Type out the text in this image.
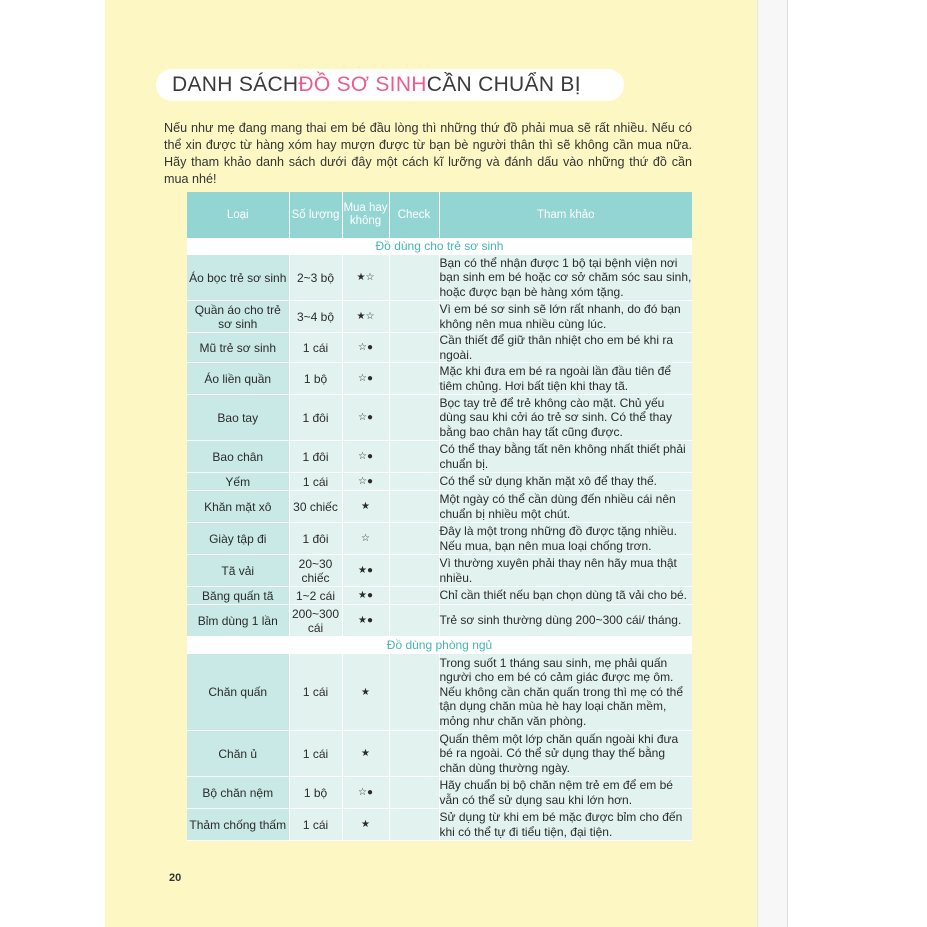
DANH SÁCH ĐỒ SƠ SINH CẦN CHUẨN BỊ
Nếu như mẹ đang mang thai em bé đầu lòng thì những thứ đồ phải mua sẽ rất nhiều. Nếu có thể xin được từ hàng xóm hay mượn được từ bạn bè người thân thì sẽ không cần mua nữa. Hãy tham khảo danh sách dưới đây một cách kĩ lưỡng và đánh dấu vào những thứ đồ cần mua nhé!
Loại	Số lượng	Mua hay không	Check	Tham khảo
Đồ dùng cho trẻ sơ sinh				
Áo bọc trẻ sơ sinh	2~3 bộ	★☆		Bạn có thể nhận được 1 bộ tại bệnh viện nơi bạn sinh em bé hoặc cơ sở chăm sóc sau sinh, hoặc được bạn bè hàng xóm tặng.
Quần áo cho trẻ sơ sinh	3~4 bộ	★☆		Vì em bé sơ sinh sẽ lớn rất nhanh, do đó bạn không nên mua nhiều cùng lúc.
Mũ trẻ sơ sinh	1 cái	☆●		Cần thiết để giữ thân nhiệt cho em bé khi ra ngoài.
Áo liền quần	1 bộ	☆●		Mặc khi đưa em bé ra ngoài lần đầu tiên để tiêm chủng. Hơi bất tiện khi thay tã.
Bao tay	1 đôi	☆●		Bọc tay trẻ để trẻ không cào mặt. Chủ yếu dùng sau khi cởi áo trẻ sơ sinh. Có thể thay bằng bao chân hay tất cũng được.
Bao chân	1 đôi	☆●		Có thể thay bằng tất nên không nhất thiết phải chuẩn bị.
Yếm	1 cái	☆●		Có thể sử dụng khăn mặt xô để thay thế.
Khăn mặt xô	30 chiếc	★		Một ngày có thể cần dùng đến nhiều cái nên chuẩn bị nhiều một chút.
Giày tập đi	1 đôi	☆		Đây là một trong những đồ được tặng nhiều. Nếu mua, bạn nên mua loại chống trơn.
Tã vải	20~30 chiếc	★●		Vì thường xuyên phải thay nên hãy mua thật nhiều.
Băng quấn tã	1~2 cái	★●		Chỉ cần thiết nếu bạn chọn dùng tã vải cho bé.
Bỉm dùng 1 lần	200~300 cái	★●		Trẻ sơ sinh thường dùng 200~300 cái/ tháng.
Đồ dùng phòng ngủ				
Chăn quấn	1 cái	★		Trong suốt 1 tháng sau sinh, mẹ phải quấn người cho em bé có cảm giác được mẹ ôm. Nếu không cần chăn quấn trong thì mẹ có thể tận dụng chăn mùa hè hay loại chăn mềm, mỏng như chăn văn phòng.
Chăn ủ	1 cái	★		Quấn thêm một lớp chăn quấn ngoài khi đưa bé ra ngoài. Có thể sử dụng thay thế bằng chăn dùng thường ngày.
Bộ chăn nệm	1 bộ	☆●		Hãy chuẩn bị bộ chăn nệm trẻ em để em bé vẫn có thể sử dụng sau khi lớn hơn.
Thảm chống thấm	1 cái	★		Sử dụng từ khi em bé mặc được bỉm cho đến khi có thể tự đi tiểu tiện, đại tiện.
20
